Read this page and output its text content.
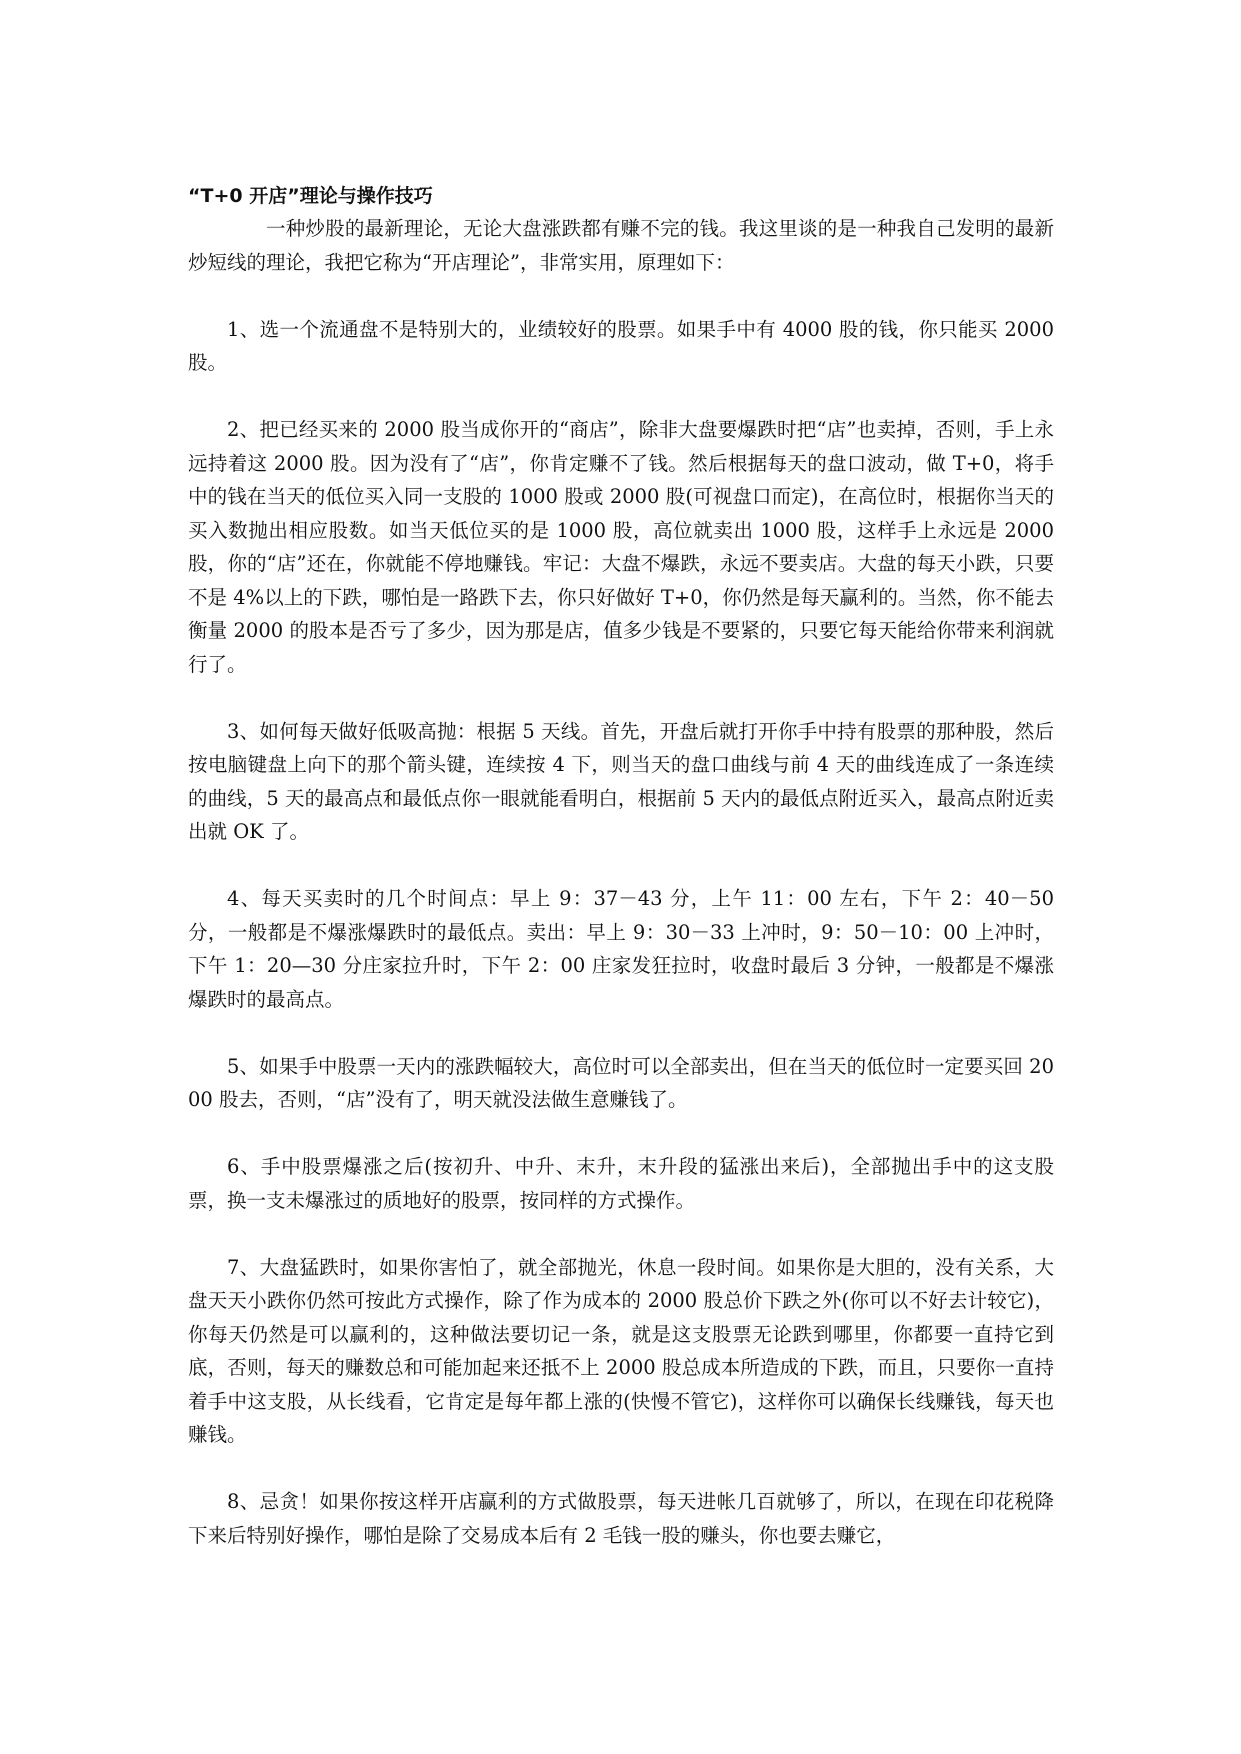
“T+0 开店”理论与操作技巧

一种炒股的最新理论，无论大盘涨跌都有赚不完的钱。我这里谈的是一种我自己发明的最新炒短线的理论，我把它称为“开店理论”，非常实用，原理如下：

1、选一个流通盘不是特别大的，业绩较好的股票。如果手中有 4000 股的钱，你只能买 2000 股。

2、把已经买来的 2000 股当成你开的“商店”，除非大盘要爆跌时把“店”也卖掉，否则，手上永远持着这 2000 股。因为没有了“店”，你肯定赚不了钱。然后根据每天的盘口波动，做 T+0，将手中的钱在当天的低位买入同一支股的 1000 股或 2000 股(可视盘口而定)，在高位时，根据你当天的买入数抛出相应股数。如当天低位买的是 1000 股，高位就卖出 1000 股，这样手上永远是 2000 股，你的“店”还在，你就能不停地赚钱。牢记：大盘不爆跌，永远不要卖店。大盘的每天小跌，只要不是 4%以上的下跌，哪怕是一路跌下去，你只好做好 T+0，你仍然是每天赢利的。当然，你不能去衡量 2000 的股本是否亏了多少，因为那是店，值多少钱是不要紧的，只要它每天能给你带来利润就行了。

3、如何每天做好低吸高抛：根据 5 天线。首先，开盘后就打开你手中持有股票的那种股，然后按电脑键盘上向下的那个箭头键，连续按 4 下，则当天的盘口曲线与前 4 天的曲线连成了一条连续的曲线，5 天的最高点和最低点你一眼就能看明白，根据前 5 天内的最低点附近买入，最高点附近卖出就 OK 了。

4、每天买卖时的几个时间点：早上 9：37－43 分，上午 11：00 左右，下午 2：40－50 分，一般都是不爆涨爆跌时的最低点。卖出：早上 9：30－33 上冲时，9：50－10：00 上冲时，下午 1：20—30 分庄家拉升时，下午 2：00 庄家发狂拉时，收盘时最后 3 分钟，一般都是不爆涨爆跌时的最高点。

5、如果手中股票一天内的涨跌幅较大，高位时可以全部卖出，但在当天的低位时一定要买回 2000 股去，否则，“店”没有了，明天就没法做生意赚钱了。

6、手中股票爆涨之后(按初升、中升、末升，末升段的猛涨出来后)，全部抛出手中的这支股票，换一支未爆涨过的质地好的股票，按同样的方式操作。

7、大盘猛跌时，如果你害怕了，就全部抛光，休息一段时间。如果你是大胆的，没有关系，大盘天天小跌你仍然可按此方式操作，除了作为成本的 2000 股总价下跌之外(你可以不好去计较它)，你每天仍然是可以赢利的，这种做法要切记一条，就是这支股票无论跌到哪里，你都要一直持它到底，否则，每天的赚数总和可能加起来还抵不上 2000 股总成本所造成的下跌，而且，只要你一直持着手中这支股，从长线看，它肯定是每年都上涨的(快慢不管它)，这样你可以确保长线赚钱，每天也赚钱。

8、忌贪！如果你按这样开店赢利的方式做股票，每天进帐几百就够了，所以，在现在印花税降下来后特别好操作，哪怕是除了交易成本后有 2 毛钱一股的赚头，你也要去赚它，
